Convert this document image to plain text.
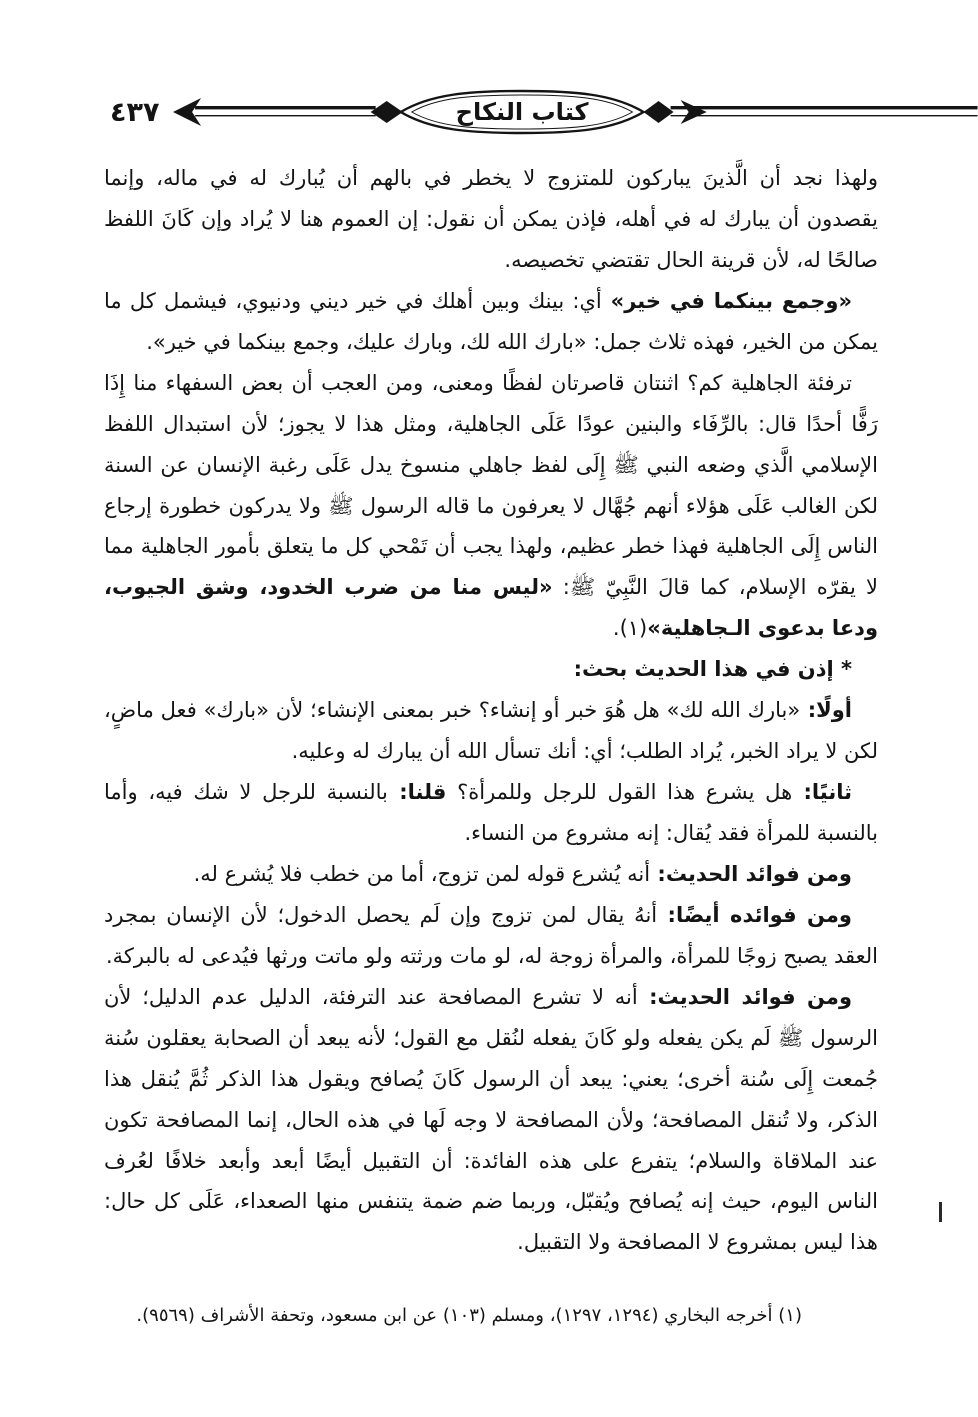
٤٣٧	كتاب النكاح

ولهذا نجد أن الَّذينَ يباركون للمتزوج لا يخطر في بالهم أن يُبارك له في ماله، وإنما يقصدون أن يبارك له في أهله، فإذن يمكن أن نقول: إن العموم هنا لا يُراد وإن كَانَ اللفظ صالحًا له، لأن قرينة الحال تقتضي تخصيصه.

«وجمع بينكما في خير» أي: بينك وبين أهلك في خير ديني ودنيوي، فيشمل كل ما يمكن من الخير، فهذه ثلاث جمل: «بارك الله لك، وبارك عليك، وجمع بينكما في خير».

ترفئة الجاهلية كم؟ اثنتان قاصرتان لفظًا ومعنى، ومن العجب أن بعض السفهاء منا إِذَا رَفًّا أحدًا قال: بالرِّفَاء والبنين عودًا عَلَى الجاهلية، ومثل هذا لا يجوز؛ لأن استبدال اللفظ الإسلامي الَّذي وضعه النبي ﷺ إِلَى لفظ جاهلي منسوخ يدل عَلَى رغبة الإنسان عن السنة لكن الغالب عَلَى هؤلاء أنهم جُهَّال لا يعرفون ما قاله الرسول ﷺ ولا يدركون خطورة إرجاع الناس إِلَى الجاهلية فهذا خطر عظيم، ولهذا يجب أن تَمْحي كل ما يتعلق بأمور الجاهلية مما لا يقرّه الإسلام، كما قالَ النَّبِيّ ﷺ: «ليس منا من ضرب الخدود، وشق الجيوب، ودعا بدعوى الـجاهلية»(١).

* إذن في هذا الحديث بحث:

أولًا: «بارك الله لك» هل هُوَ خبر أو إنشاء؟ خبر بمعنى الإنشاء؛ لأن «بارك» فعل ماضٍ، لكن لا يراد الخبر، يُراد الطلب؛ أي: أنك تسأل الله أن يبارك له وعليه.

ثانيًا: هل يشرع هذا القول للرجل وللمرأة؟ قلنا: بالنسبة للرجل لا شك فيه، وأما بالنسبة للمرأة فقد يُقال: إنه مشروع من النساء.

ومن فوائد الحديث: أنه يُشرع قوله لمن تزوج، أما من خطب فلا يُشرع له.

ومن فوائده أيضًا: أنهُ يقال لمن تزوج وإن لَم يحصل الدخول؛ لأن الإنسان بمجرد العقد يصبح زوجًا للمرأة، والمرأة زوجة له، لو مات ورثته ولو ماتت ورثها فيُدعى له بالبركة.

ومن فوائد الحديث: أنه لا تشرع المصافحة عند الترفئة، الدليل عدم الدليل؛ لأن الرسول ﷺ لَم يكن يفعله ولو كَانَ يفعله لنُقل مع القول؛ لأنه يبعد أن الصحابة يعقلون سُنة جُمعت إِلَى سُنة أخرى؛ يعني: يبعد أن الرسول كَانَ يُصافح ويقول هذا الذكر ثُمَّ يُنقل هذا الذكر، ولا تُنقل المصافحة؛ ولأن المصافحة لا وجه لَها في هذه الحال، إنما المصافحة تكون عند الملاقاة والسلام؛ يتفرع على هذه الفائدة: أن التقبيل أيضًا أبعد وأبعد خلافًا لعُرف الناس اليوم، حيث إنه يُصافح ويُقبّل، وربما ضم ضمة يتنفس منها الصعداء، عَلَى كل حال: هذا ليس بمشروع لا المصافحة ولا التقبيل.

(١) أخرجه البخاري (١٢٩٤، ١٢٩٧)، ومسلم (١٠٣) عن ابن مسعود، وتحفة الأشراف (٩٥٦٩).
